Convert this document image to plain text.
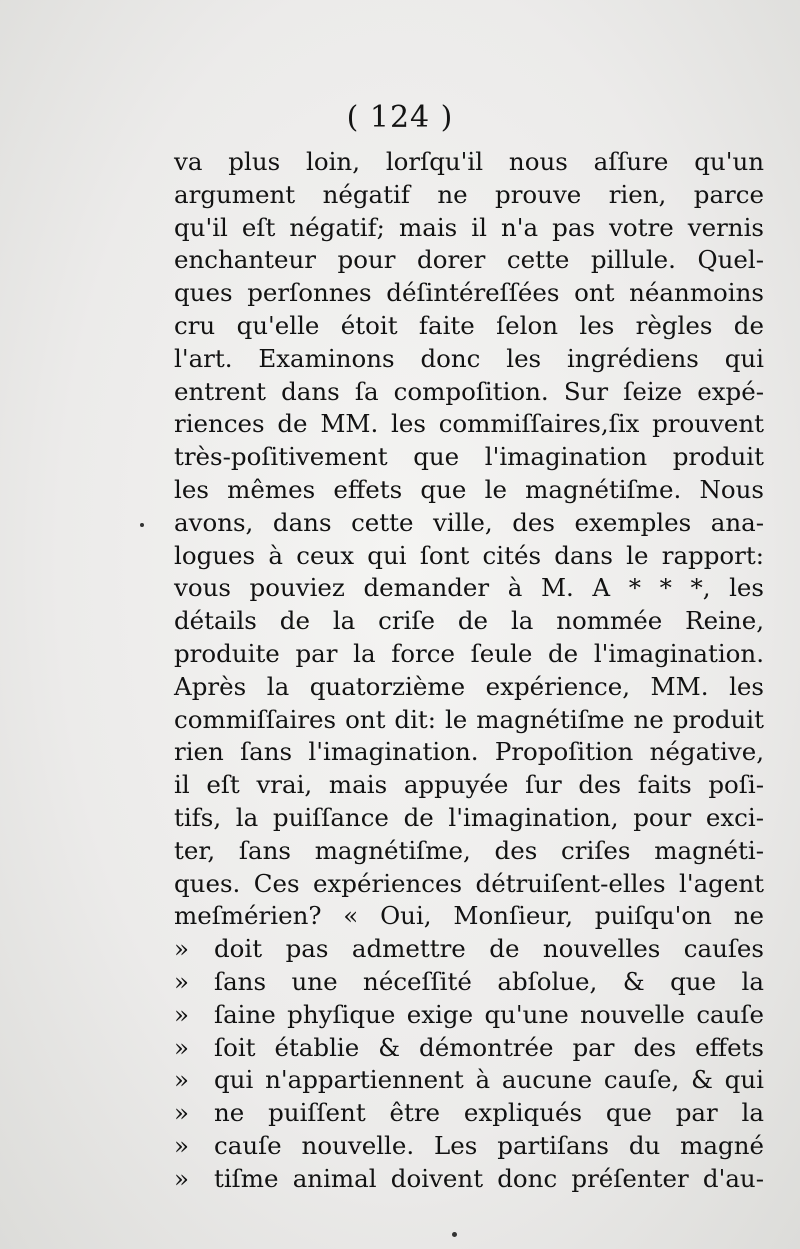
( 124 )
va plus loin, lorſqu'il nous aſſure qu'un
argument négatif ne prouve rien, parce
qu'il eſt négatif; mais il n'a pas votre vernis
enchanteur pour dorer cette pillule. Quel-
ques perſonnes déſintéreſſées ont néanmoins
cru qu'elle étoit faite ſelon les règles de
l'art. Examinons donc les ingrédiens qui
entrent dans ſa compoſition. Sur ſeize expé-
riences de MM. les commiſſaires,ſix prouvent
très-poſitivement que l'imagination produit
les mêmes effets que le magnétiſme. Nous
avons, dans cette ville, des exemples ana-
logues à ceux qui ſont cités dans le rapport:
vous pouviez demander à M. A * * *, les
détails de la criſe de la nommée Reine,
produite par la force ſeule de l'imagination.
Après la quatorzième expérience, MM. les
commiſſaires ont dit: le magnétiſme ne produit
rien ſans l'imagination. Propoſition négative,
il eſt vrai, mais appuyée ſur des faits poſi-
tifs, la puiſſance de l'imagination, pour exci-
ter, ſans magnétiſme, des criſes magnéti-
ques. Ces expériences détruiſent-elles l'agent
meſmérien? « Oui, Monſieur, puiſqu'on ne
»	doit pas admettre de nouvelles cauſes
»	ſans une néceſſité abſolue, & que la
»	ſaine phyſique exige qu'une nouvelle cauſe
»	ſoit établie & démontrée par des effets
»	qui n'appartiennent à aucune cauſe, & qui
»	ne puiſſent être expliqués que par la
»	cauſe nouvelle. Les partiſans du magné
»	tiſme animal doivent donc préſenter d'au-
